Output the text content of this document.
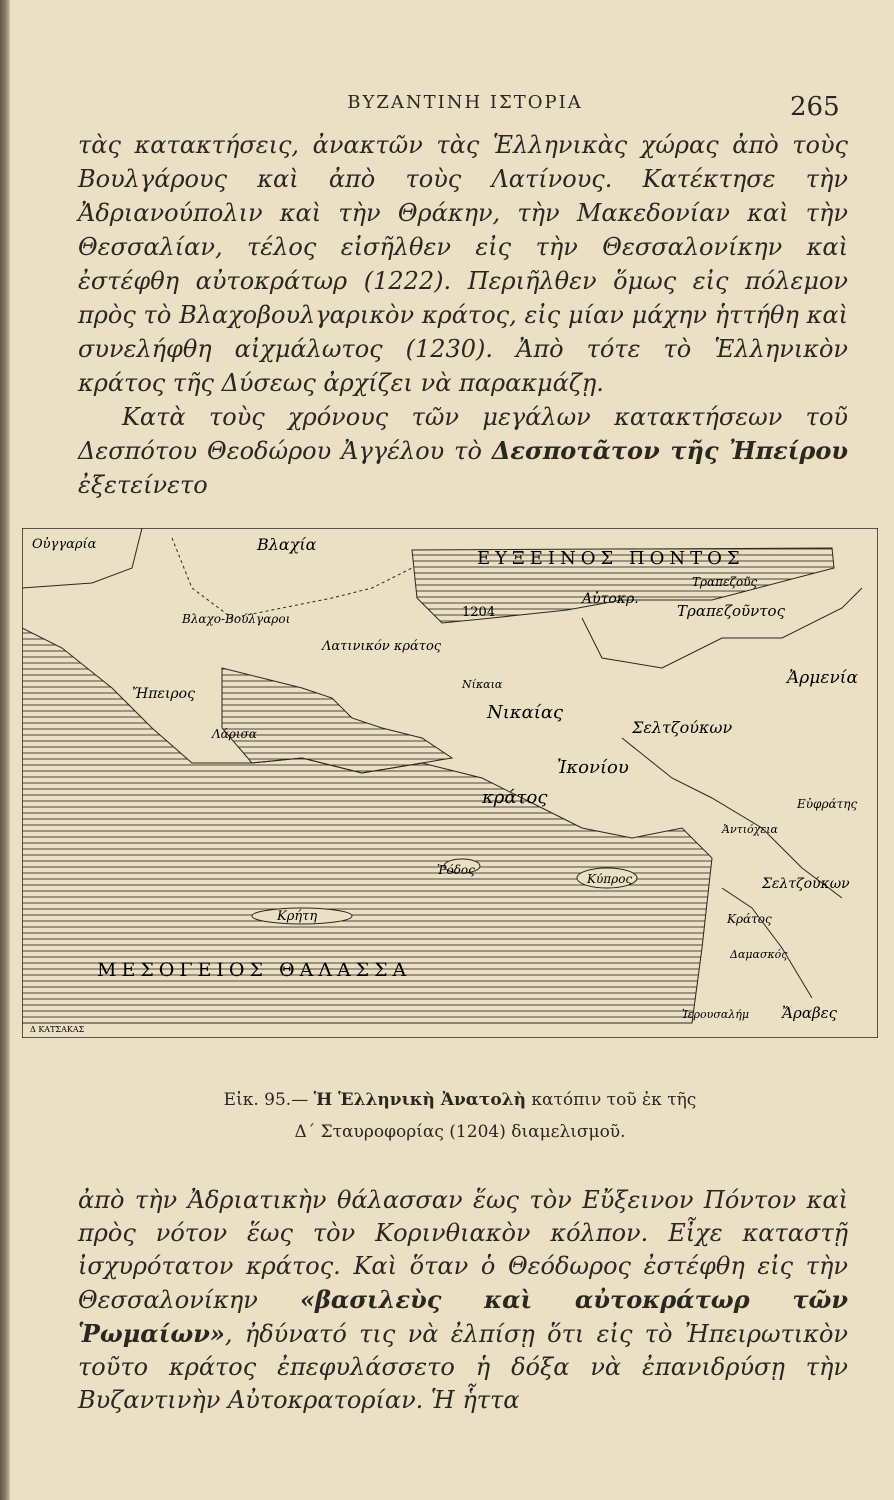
ΒΥΖΑΝΤΙΝΗ ΙΣΤΟΡΙΑ	265

τὰς κατακτήσεις, ἀνακτῶν τὰς Ἑλληνικὰς χώρας ἀπὸ τοὺς Βουλγάρους καὶ ἀπὸ τοὺς Λατίνους. Κατέκτησε τὴν Ἀδριανούπολιν καὶ τὴν Θράκην, τὴν Μακεδονίαν καὶ τὴν Θεσσαλίαν, τέλος εἰσῆλθεν εἰς τὴν Θεσσαλονίκην καὶ ἐστέφθη αὐτοκράτωρ (1222). Περιῆλθεν ὅμως εἰς πόλεμον πρὸς τὸ Βλαχοβουλγαρικὸν κράτος, εἰς μίαν μάχην ἡττήθη καὶ συνελήφθη αἰχμάλωτος (1230). Ἀπὸ τότε τὸ Ἑλληνικὸν κράτος τῆς Δύσεως ἀρχίζει νὰ παρακμάζῃ.

Κατὰ τοὺς χρόνους τῶν μεγάλων κατακτήσεων τοῦ Δεσπότου Θεοδώρου Ἀγγέλου τὸ Δεσποτᾶτον τῆς Ἠπείρου ἐξετείνετο

ΕΥΞΕΙΝΟΣ ΠΟΝΤΟΣ
ΜΕΣΟΓΕΙΟΣ ΘΑΛΑΣΣΑ
Οὐγγαρία	Βλαχία
Βλαχο-Βούλγαροι	1204
Λατινικόν κράτος
Νίκαια
Νικαίας
Αὐτοκρ.
Τραπεζοῦς
Τραπεζοῦντος
Ἀρμενία
Σελτζούκων
Ἰκονίου
κράτος
Λάρισα
Ἤπειρος
Ῥόδος
Κύπρος
Κρήτη
Ἀντιόχεια
Εὐφράτης
Δαμασκός
Ἱερουσαλήμ Ἄραβες
Σελτζούκων
Κράτος
Δ ΚΑΤΣΑΚΑΣ
Εἰκ. 95.— Ἡ Ἑλληνικὴ Ἀνατολὴ κατόπιν τοῦ ἐκ τῆς
Δ΄ Σταυροφορίας (1204) διαμελισμοῦ.

ἀπὸ τὴν Ἀδριατικὴν θάλασσαν ἕως τὸν Εὔξεινον Πόντον καὶ πρὸς νότον ἕως τὸν Κορινθιακὸν κόλπον. Εἶχε καταστῇ ἰσχυρότατον κράτος. Καὶ ὅταν ὁ Θεόδωρος ἐστέφθη εἰς τὴν Θεσσαλονίκην «βασιλεὺς καὶ αὐτοκράτωρ τῶν Ῥωμαίων», ἠδύνατό τις νὰ ἐλπίσῃ ὅτι εἰς τὸ Ἠπειρωτικὸν τοῦτο κράτος ἐπεφυλάσσετο ἡ δόξα νὰ ἐπανιδρύσῃ τὴν Βυζαντινὴν Αὐτοκρατορίαν. Ἡ ἧττα
